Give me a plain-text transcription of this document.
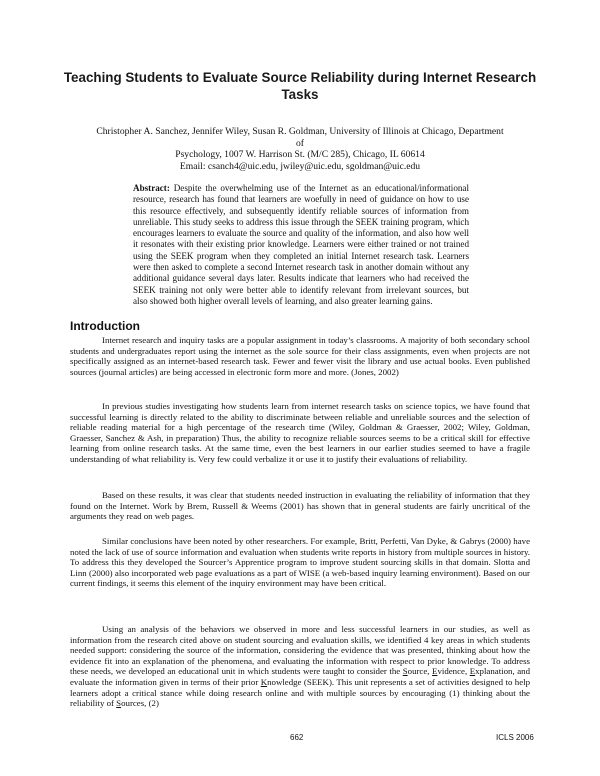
Teaching Students to Evaluate Source Reliability during Internet Research Tasks
Christopher A. Sanchez, Jennifer Wiley, Susan R. Goldman, University of Illinois at Chicago, Department of
Psychology, 1007 W. Harrison St. (M/C 285), Chicago, IL 60614
Email: csanch4@uic.edu, jwiley@uic.edu, sgoldman@uic.edu
Abstract: Despite the overwhelming use of the Internet as an educational/informational resource, research has found that learners are woefully in need of guidance on how to use this resource effectively, and subsequently identify reliable sources of information from unreliable. This study seeks to address this issue through the SEEK training program, which encourages learners to evaluate the source and quality of the information, and also how well it resonates with their existing prior knowledge. Learners were either trained or not trained using the SEEK program when they completed an initial Internet research task. Learners were then asked to complete a second Internet research task in another domain without any additional guidance several days later. Results indicate that learners who had received the SEEK training not only were better able to identify relevant from irrelevant sources, but also showed both higher overall levels of learning, and also greater learning gains.
Introduction

Internet research and inquiry tasks are a popular assignment in today’s classrooms. A majority of both secondary school students and undergraduates report using the internet as the sole source for their class assignments, even when projects are not specifically assigned as an internet-based research task. Fewer and fewer visit the library and use actual books. Even published sources (journal articles) are being accessed in electronic form more and more. (Jones, 2002)

In previous studies investigating how students learn from internet research tasks on science topics, we have found that successful learning is directly related to the ability to discriminate between reliable and unreliable sources and the selection of reliable reading material for a high percentage of the research time (Wiley, Goldman & Graesser, 2002; Wiley, Goldman, Graesser, Sanchez & Ash, in preparation) Thus, the ability to recognize reliable sources seems to be a critical skill for effective learning from online research tasks. At the same time, even the best learners in our earlier studies seemed to have a fragile understanding of what reliability is. Very few could verbalize it or use it to justify their evaluations of reliability.

Based on these results, it was clear that students needed instruction in evaluating the reliability of information that they found on the Internet. Work by Brem, Russell & Weems (2001) has shown that in general students are fairly uncritical of the arguments they read on web pages.

Similar conclusions have been noted by other researchers. For example, Britt, Perfetti, Van Dyke, & Gabrys (2000) have noted the lack of use of source information and evaluation when students write reports in history from multiple sources in history. To address this they developed the Sourcer’s Apprentice program to improve student sourcing skills in that domain. Slotta and Linn (2000) also incorporated web page evaluations as a part of WISE (a web-based inquiry learning environment). Based on our current findings, it seems this element of the inquiry environment may have been critical.

Using an analysis of the behaviors we observed in more and less successful learners in our studies, as well as information from the research cited above on student sourcing and evaluation skills, we identified 4 key areas in which students needed support: considering the source of the information, considering the evidence that was presented, thinking about how the evidence fit into an explanation of the phenomena, and evaluating the information with respect to prior knowledge. To address these needs, we developed an educational unit in which students were taught to consider the Source, Evidence, Explanation, and evaluate the information given in terms of their prior Knowledge (SEEK). This unit represents a set of activities designed to help learners adopt a critical stance while doing research online and with multiple sources by encouraging (1) thinking about the reliability of Sources, (2)

662	ICLS 2006
